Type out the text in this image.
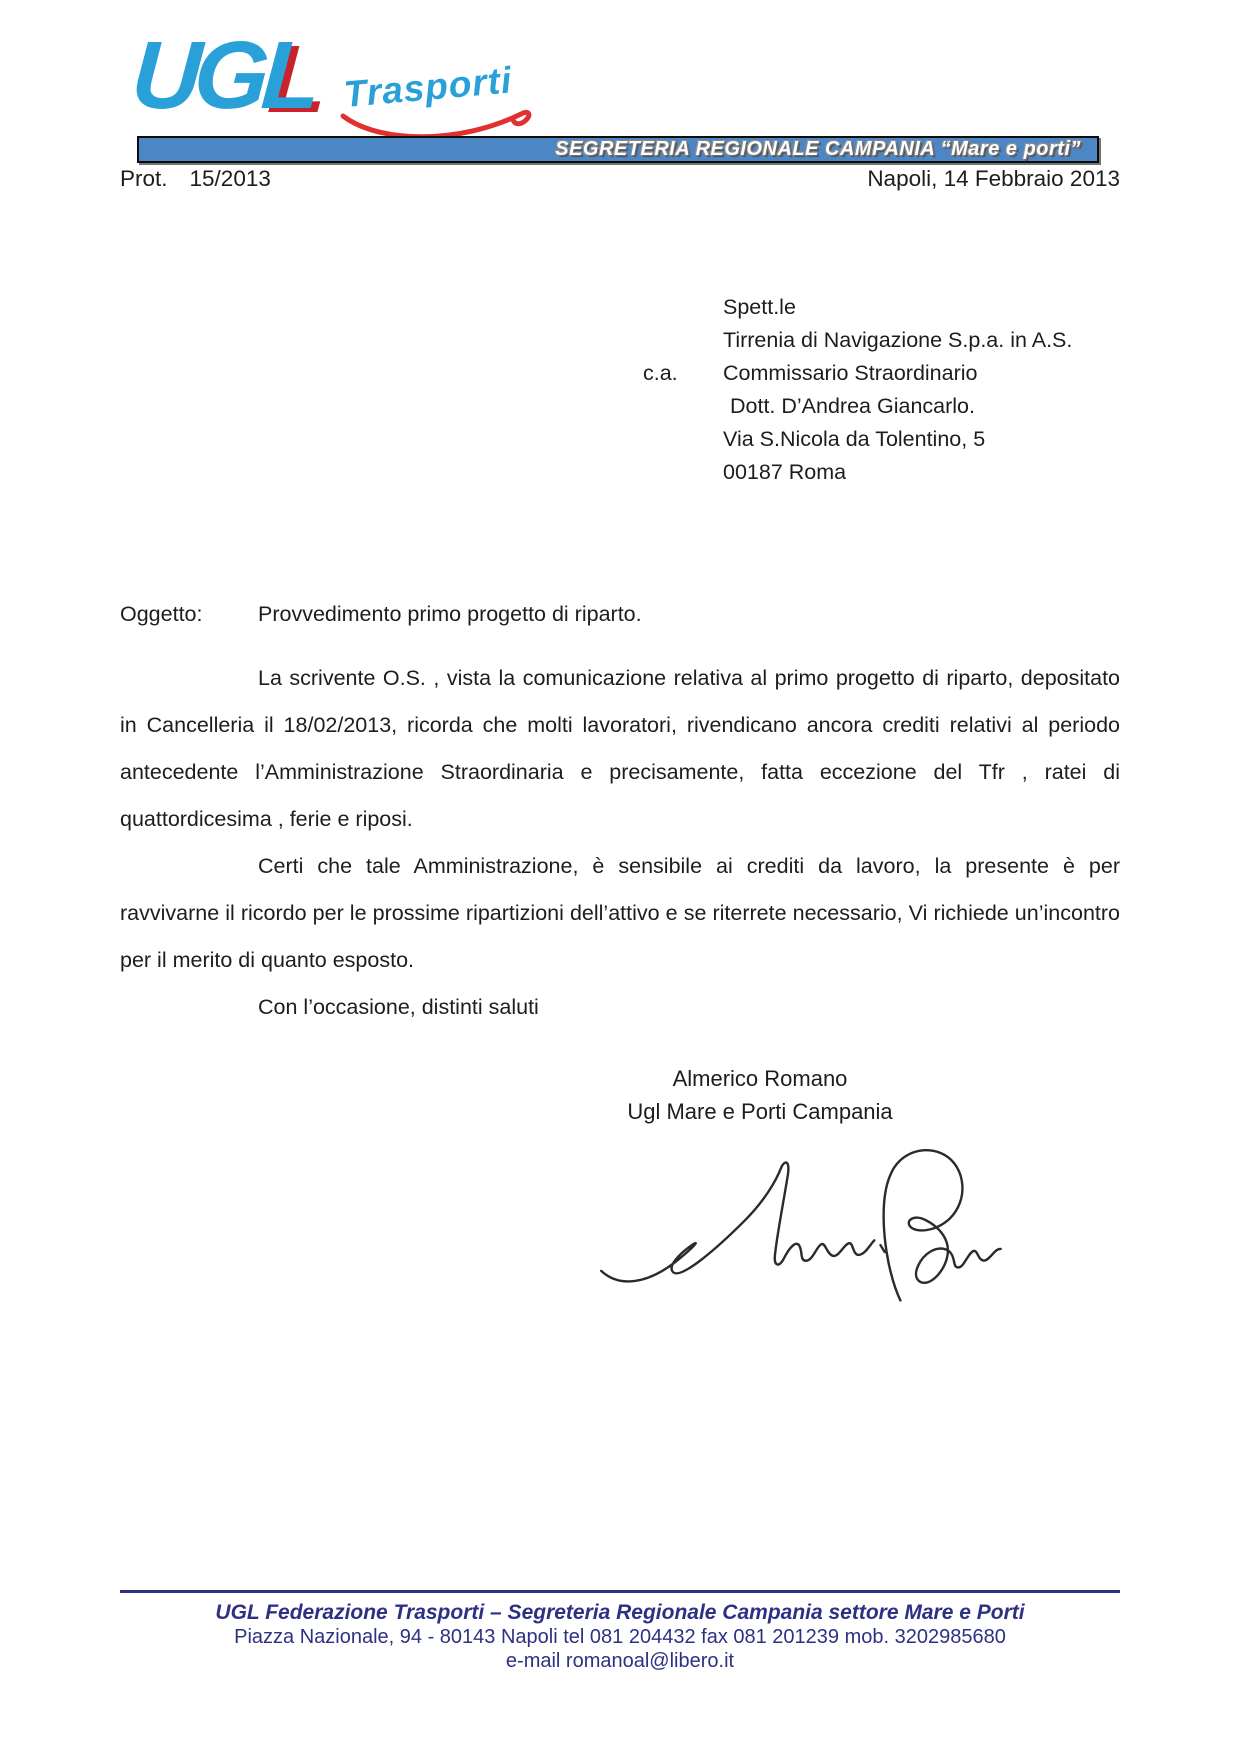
UGL Trasporti
SEGRETERIA REGIONALE CAMPANIA “Mare e porti”
Prot. 15/2013	Napoli, 14 Febbraio 2013
Spett.le
Tirrenia di Navigazione S.p.a. in A.S.
c.a.	Commissario Straordinario
Dott. D’Andrea Giancarlo.
Via S.Nicola da Tolentino, 5
00187 Roma
Oggetto:	Provvedimento primo progetto di riparto.

La scrivente O.S. , vista la comunicazione relativa al primo progetto di riparto, depositato in Cancelleria il 18/02/2013, ricorda che molti lavoratori, rivendicano ancora crediti relativi al periodo antecedente l’Amministrazione Straordinaria e precisamente, fatta eccezione del Tfr , ratei di quattordicesima , ferie e riposi.

Certi che tale Amministrazione, è sensibile ai crediti da lavoro, la presente è per ravvivarne il ricordo per le prossime ripartizioni dell’attivo e se riterrete necessario, Vi richiede un’incontro per il merito di quanto esposto.

Con l’occasione, distinti saluti

Almerico Romano
Ugl Mare e Porti Campania
UGL Federazione Trasporti – Segreteria Regionale Campania settore Mare e Porti
Piazza Nazionale, 94 - 80143 Napoli tel 081 204432 fax 081 201239 mob. 3202985680
e-mail romanoal@libero.it
